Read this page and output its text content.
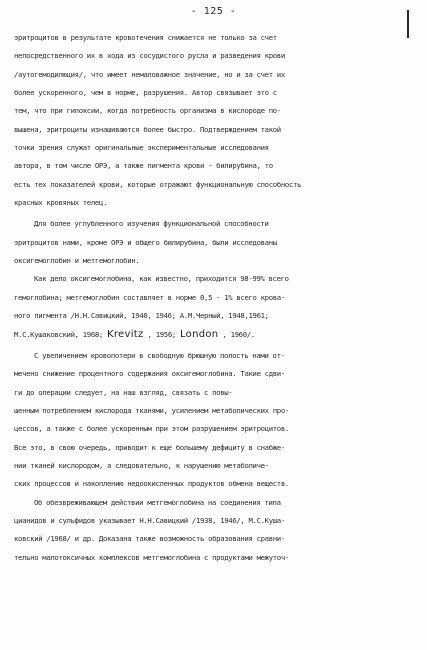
- 125 -
эритроцитов в результате кровотечения снижается не только за счет
непосредственного их в хода из сосудистого русла и разведения крови
/аутогемодилюция/, что имеет немаловажное значение, но и за счет их
более ускоренного, чем в норме, разрушения. Автор связывает это с
тем, что при гипоксии, когда потребность организма в кислороде по-
вышена, эритроциты изнашиваются более быстро. Подтверждением такой
точки зрения служат оригинальные экспериментальные исследования
автора, в том числе ОРЭ, а также пигмента крови - билирубина, то
есть тех показателей крови, которые отражают функциональную способность
красных кровяных телец.
Для более углубленного изучения функциональной способности
эритроцитов нами, кроме ОРЭ и общего билирубина, были исследованы
оксигемоглобин и метгемоглобин.
Как дело оксигемоглобина, как известно, приходится 98-99% всего
гемоглобина; метгемоглобин составляет в норме 0,5 - 1% всего крова-
ного пигмента /Н.Н.Савицкий, 1940, 1946; А.М.Черный, 1948,1961;
М.С.Кушаковский, 1968; Krevitz , 1956; London , 1960/.
С увеличением кровопотери в свободную брюшную полость нами от-
мечено снижение процентного содержания оксигемоглобина. Такие сдви-
ги до операции следует, на наш взгляд, связать с повы-
шенным потреблением кислорода тканями, усилением метаболических про-
цессов, а также с более ускоренным при этом разрушением эритроцитов.
Все это, в свою очередь, приводит к еще большему дефициту в снабже-
нии тканей кислородом, а следовательно, к нарушению метаболиче-
ских процессов и накоплению недоокисленных продуктов обмена веществ.
Об обезвреживающем действии метгемоглобина на соединения типа
цианидов и сульфидов указывает Н.Н.Савицкий /1938, 1946/, М.С.Куша-
ковский /1968/ и др. Доказана также возможность образования сравни-
тельно малотоксичных комплексов метгемоглобина с продуктами межуточ-
